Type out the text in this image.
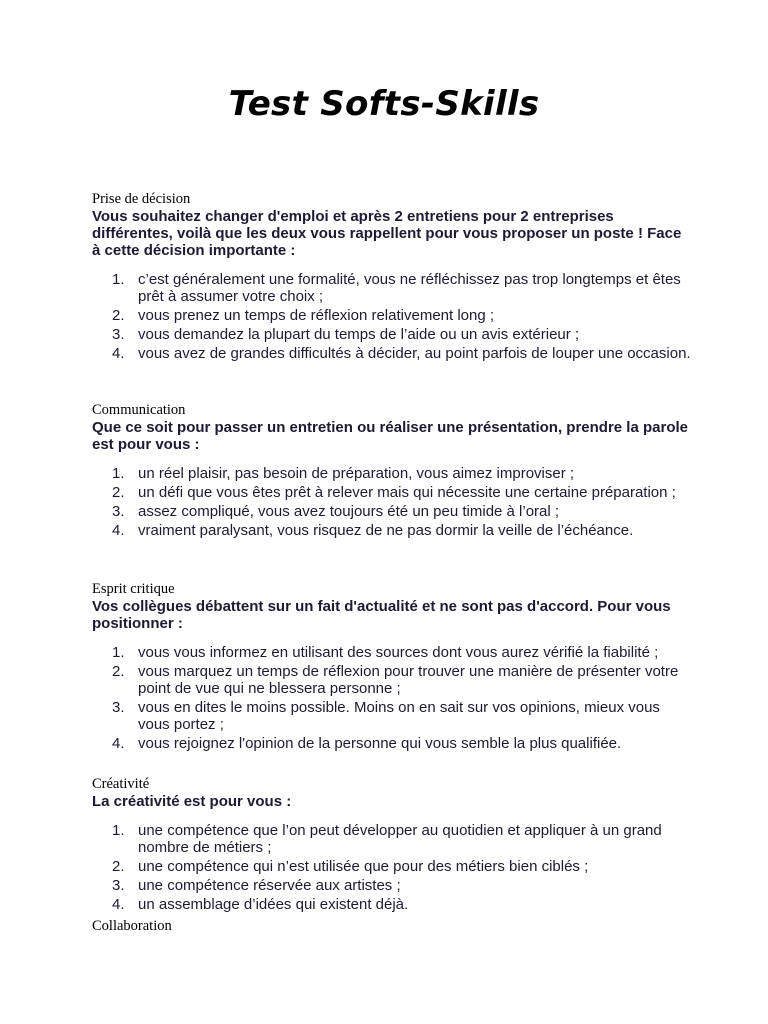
Test Softs-Skills

Prise de décision

Vous souhaitez changer d'emploi et après 2 entretiens pour 2 entreprises différentes, voilà que les deux vous rappellent pour vous proposer un poste ! Face à cette décision importante :

1. c’est généralement une formalité, vous ne réfléchissez pas trop longtemps et êtes prêt à assumer votre choix ;
2. vous prenez un temps de réflexion relativement long ;
3. vous demandez la plupart du temps de l’aide ou un avis extérieur ;
4. vous avez de grandes difficultés à décider, au point parfois de louper une occasion.

Communication

Que ce soit pour passer un entretien ou réaliser une présentation, prendre la parole est pour vous :

1. un réel plaisir, pas besoin de préparation, vous aimez improviser ;
2. un défi que vous êtes prêt à relever mais qui nécessite une certaine préparation ;
3. assez compliqué, vous avez toujours été un peu timide à l’oral ;
4. vraiment paralysant, vous risquez de ne pas dormir la veille de l’échéance.

Esprit critique

Vos collègues débattent sur un fait d'actualité et ne sont pas d'accord. Pour vous positionner :

1. vous vous informez en utilisant des sources dont vous aurez vérifié la fiabilité ;
2. vous marquez un temps de réflexion pour trouver une manière de présenter votre point de vue qui ne blessera personne ;
3. vous en dites le moins possible. Moins on en sait sur vos opinions, mieux vous vous portez ;
4. vous rejoignez l'opinion de la personne qui vous semble la plus qualifiée.

Créativité

La créativité est pour vous :

1. une compétence que l’on peut développer au quotidien et appliquer à un grand nombre de métiers ;
2. une compétence qui n’est utilisée que pour des métiers bien ciblés ;
3. une compétence réservée aux artistes ;
4. un assemblage d’idées qui existent déjà.

Collaboration
